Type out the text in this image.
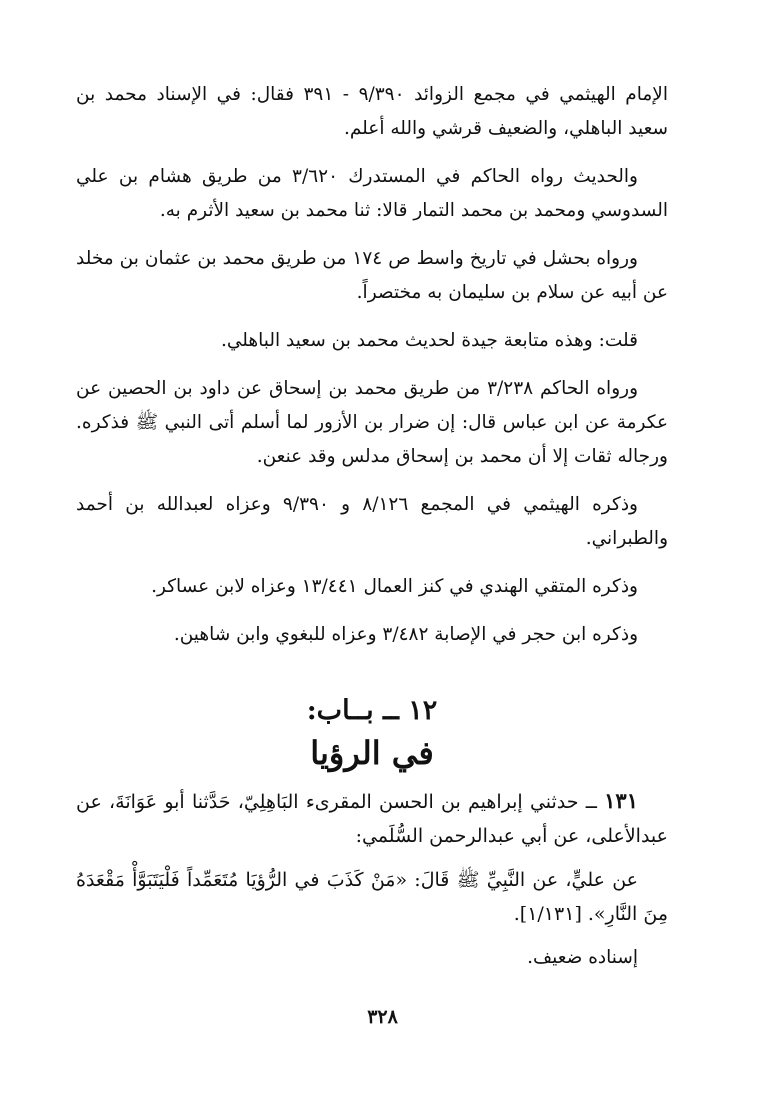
الإمام الهيثمي في مجمع الزوائد ٩/٣٩٠ - ٣٩١ فقال: في الإسناد محمد بن سعيد الباهلي، والضعيف قرشي والله أعلم.

والحديث رواه الحاكم في المستدرك ٣/٦٢٠ من طريق هشام بن علي السدوسي ومحمد بن محمد التمار قالا: ثنا محمد بن سعيد الأثرم به.

ورواه بحشل في تاريخ واسط ص ١٧٤ من طريق محمد بن عثمان بن مخلد عن أبيه عن سلام بن سليمان به مختصراً.

قلت: وهذه متابعة جيدة لحديث محمد بن سعيد الباهلي.

ورواه الحاكم ٣/٢٣٨ من طريق محمد بن إسحاق عن داود بن الحصين عن عكرمة عن ابن عباس قال: إن ضرار بن الأزور لما أسلم أتى النبي ﷺ فذكره. ورجاله ثقات إلا أن محمد بن إسحاق مدلس وقد عنعن.

وذكره الهيثمي في المجمع ٨/١٢٦ و ٩/٣٩٠ وعزاه لعبدالله بن أحمد والطبراني.

وذكره المتقي الهندي في كنز العمال ١٣/٤٤١ وعزاه لابن عساكر.

وذكره ابن حجر في الإصابة ٣/٤٨٢ وعزاه للبغوي وابن شاهين.

١٢ ــ بــاب:
في الرؤيا

١٣١ ــ حدثني إبراهيم بن الحسن المقرىء البَاهِلِيّ، حَدَّثنا أبو عَوَانَةَ، عن عبدالأعلى، عن أبي عبدالرحمن السُّلَمي:

عن عليٍّ، عن النَّبِيِّ ﷺ قَالَ: «مَنْ كَذَبَ في الرُّؤيَا مُتَعَمِّداً فَلْيَتَبَوَّأْ مَقْعَدَهُ مِنَ النَّارِ». [١/١٣١].

إسناده ضعيف.

٣٢٨
